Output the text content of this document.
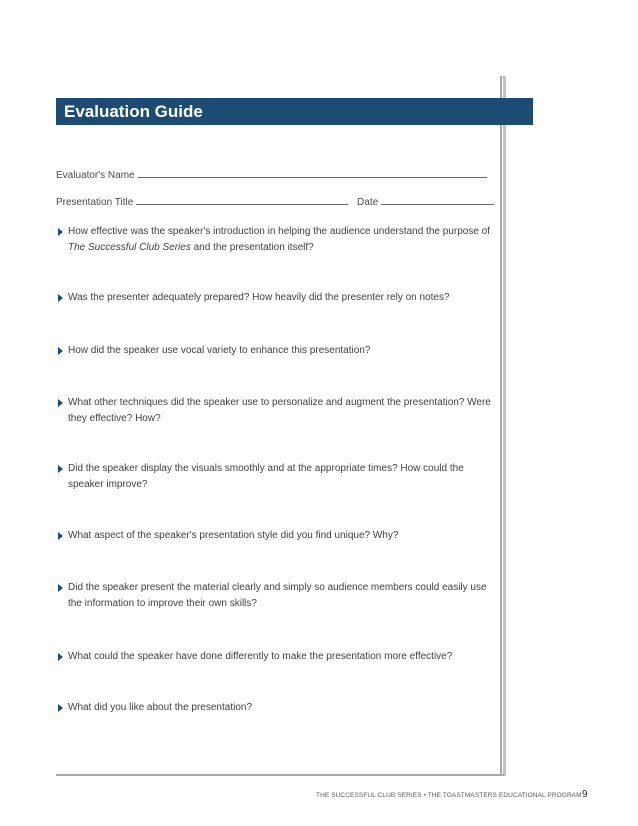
Evaluation Guide
Evaluator's Name
Presentation Title	Date
How effective was the speaker's introduction in helping the audience understand the purpose of The Successful Club Series and the presentation itself?
Was the presenter adequately prepared? How heavily did the presenter rely on notes?
How did the speaker use vocal variety to enhance this presentation?
What other techniques did the speaker use to personalize and augment the presentation? Were they effective? How?
Did the speaker display the visuals smoothly and at the appropriate times? How could the speaker improve?
What aspect of the speaker's presentation style did you find unique? Why?
Did the speaker present the material clearly and simply so audience members could easily use the information to improve their own skills?
What could the speaker have done differently to make the presentation more effective?
What did you like about the presentation?
THE SUCCESSFUL CLUB SERIES • THE TOASTMASTERS EDUCATIONAL PROGRAM 9
